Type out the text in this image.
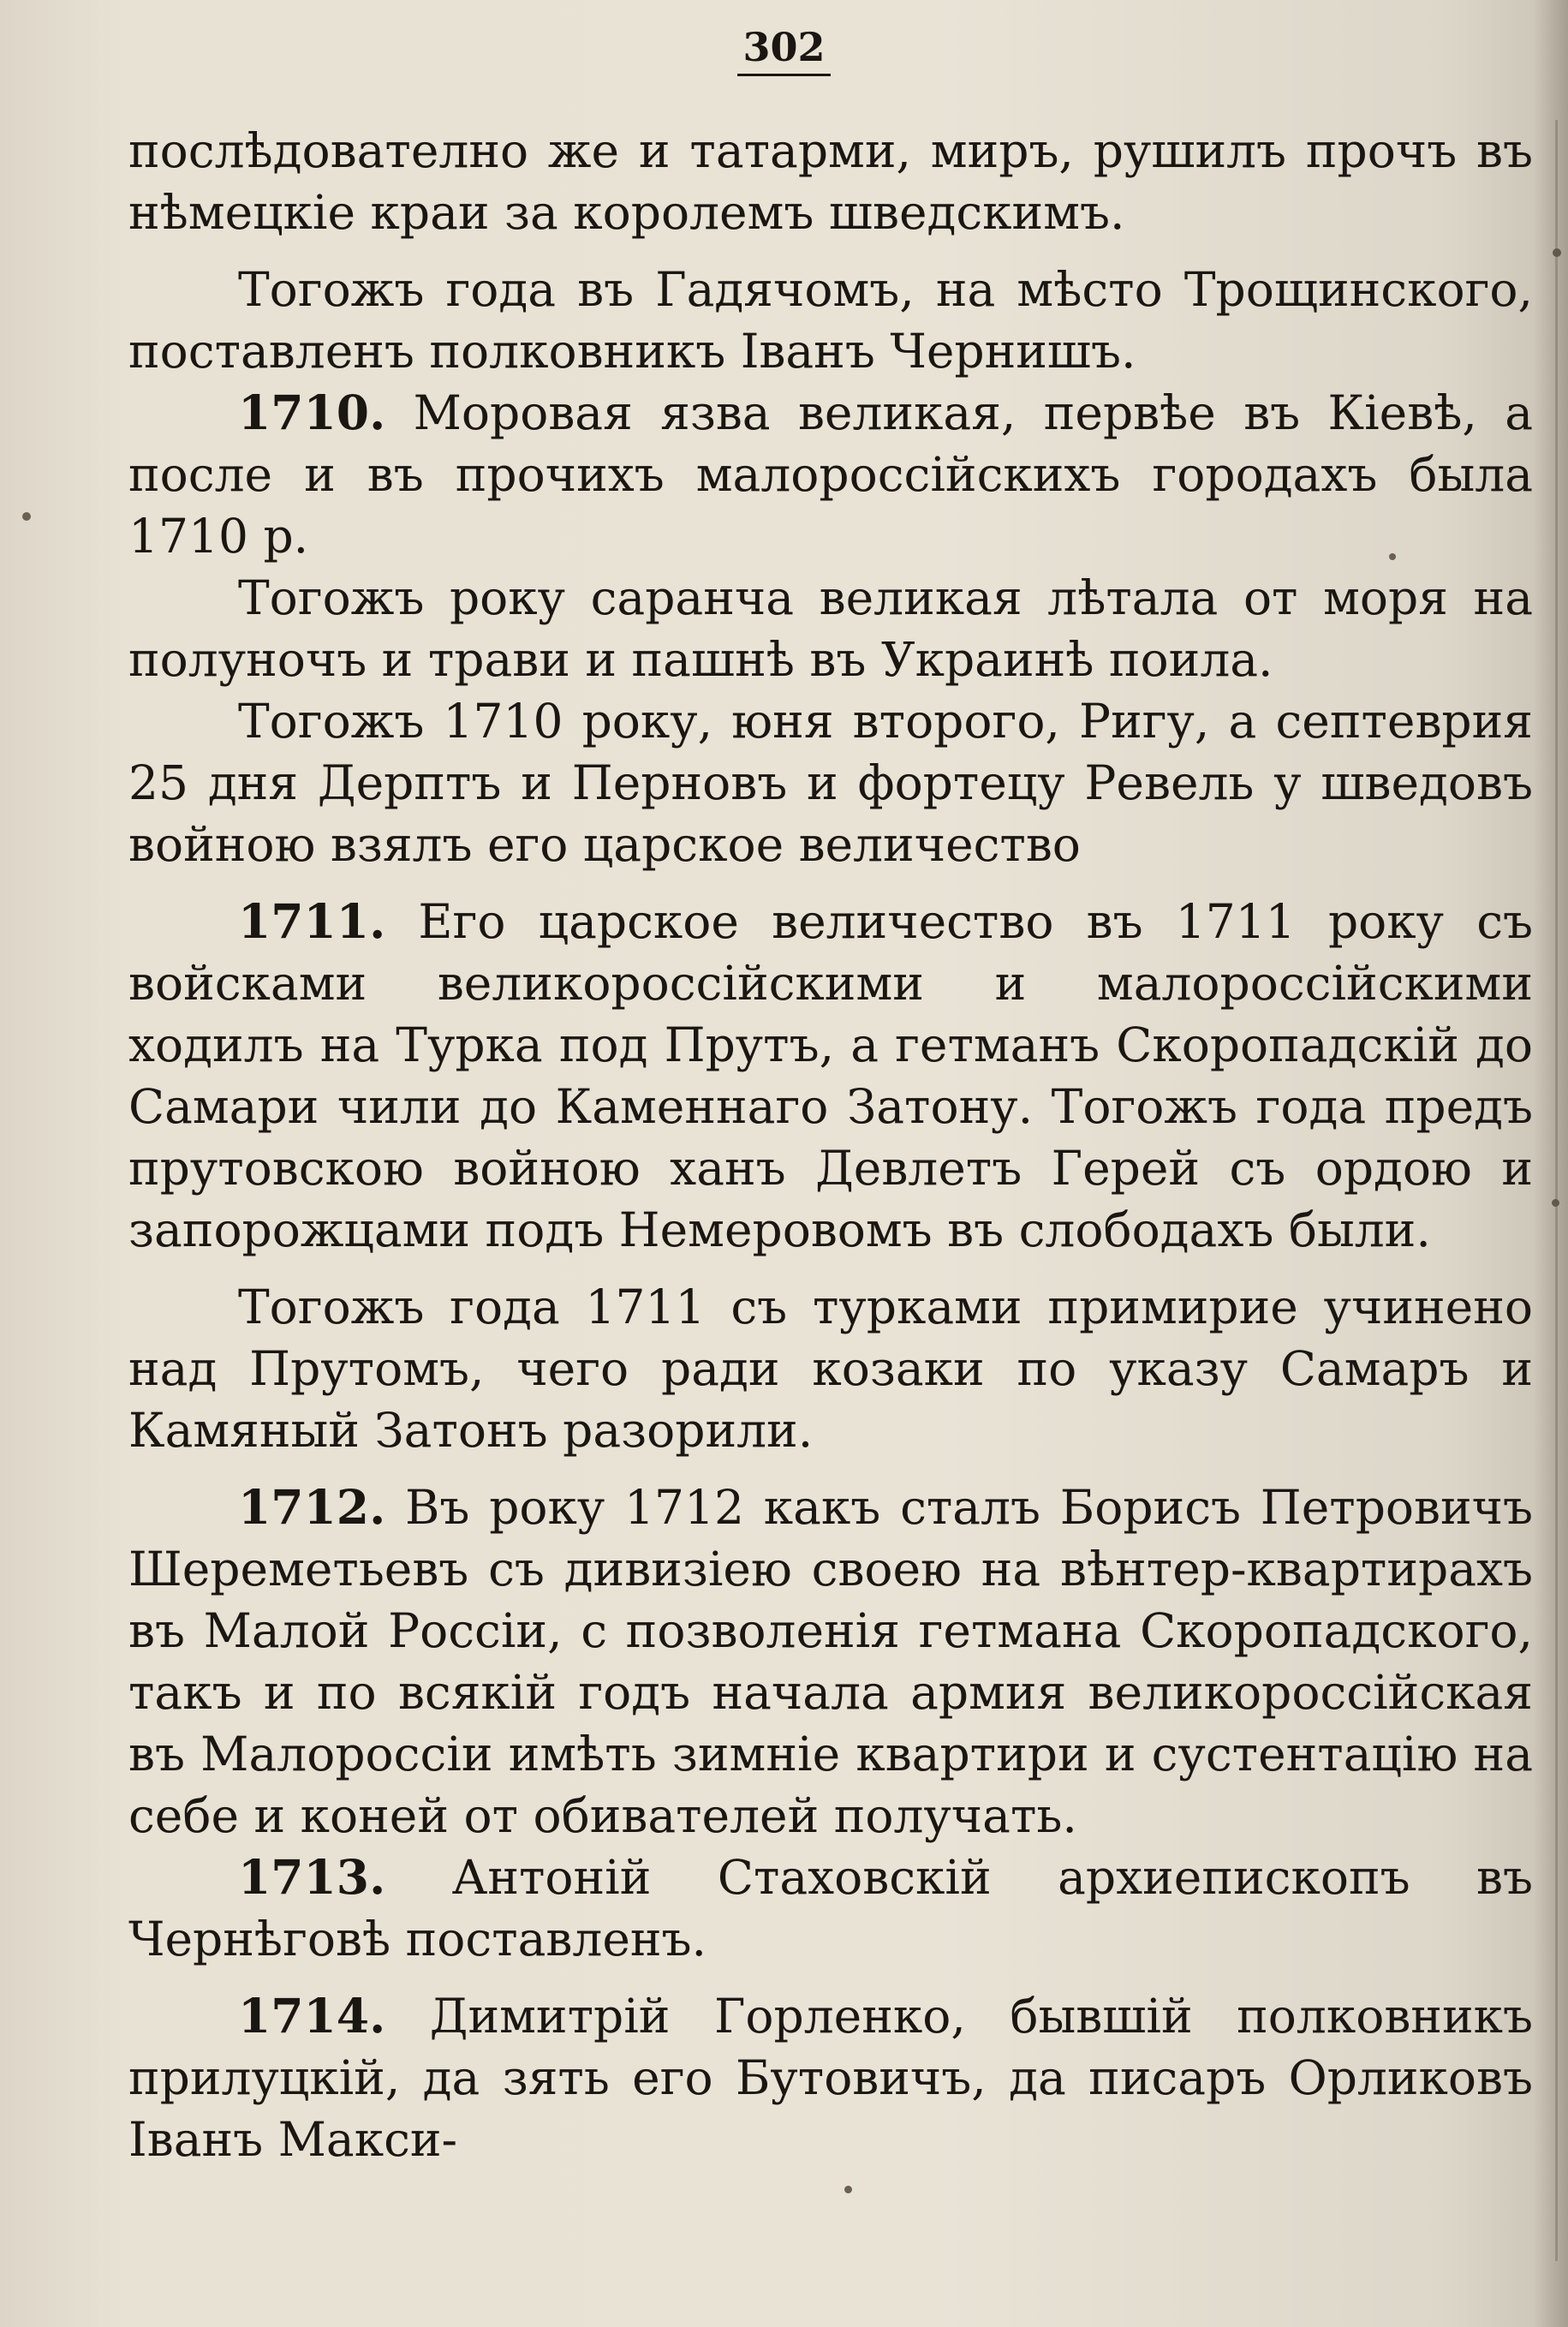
302

послѣдователно же и татарми, миръ, рушилъ прочъ въ нѣмецкіе краи за королемъ шведскимъ.

Тогожъ года въ Гадячомъ, на мѣсто Трощинского, поставленъ полковникъ Іванъ Чернишъ.

1710. Моровая язва великая, первѣе въ Кіевѣ, а после и въ прочихъ малороссійскихъ городахъ была 1710 р.

Тогожъ року саранча великая лѣтала от моря на полуночъ и трави и пашнѣ въ Украинѣ поила.

Тогожъ 1710 року, юня второго, Ригу, а септеврия 25 дня Дерптъ и Перновъ и фортецу Ревель у шведовъ войною взялъ его царское величество

1711. Его царское величество въ 1711 року съ войсками великороссійскими и малороссійскими ходилъ на Турка под Прутъ, а гетманъ Скоропадскій до Самари чили до Каменнаго Затону. Тогожъ года предъ прутовскою войною ханъ Девлетъ Герей съ ордою и запорожцами подъ Немеровомъ въ слободахъ были.

Тогожъ года 1711 съ турками примирие учинено над Прутомъ, чего ради козаки по указу Самаръ и Камяный Затонъ разорили.

1712. Въ року 1712 какъ сталъ Борисъ Петровичъ Шереметьевъ съ дивизіею своею на вѣнтер-квартирахъ въ Малой Россіи, с позволенія гетмана Скоропадского, такъ и по всякій годъ начала армия великороссійская въ Малороссіи имѣть зимніе квартири и сустентацію на себе и коней от обивателей получать.

1713. Антоній Стаховскій архиепископъ въ Чернѣговѣ поставленъ.

1714. Димитрій Горленко, бывшій полковникъ прилуцкій, да зять его Бутовичъ, да писаръ Орликовъ Іванъ Макси-
